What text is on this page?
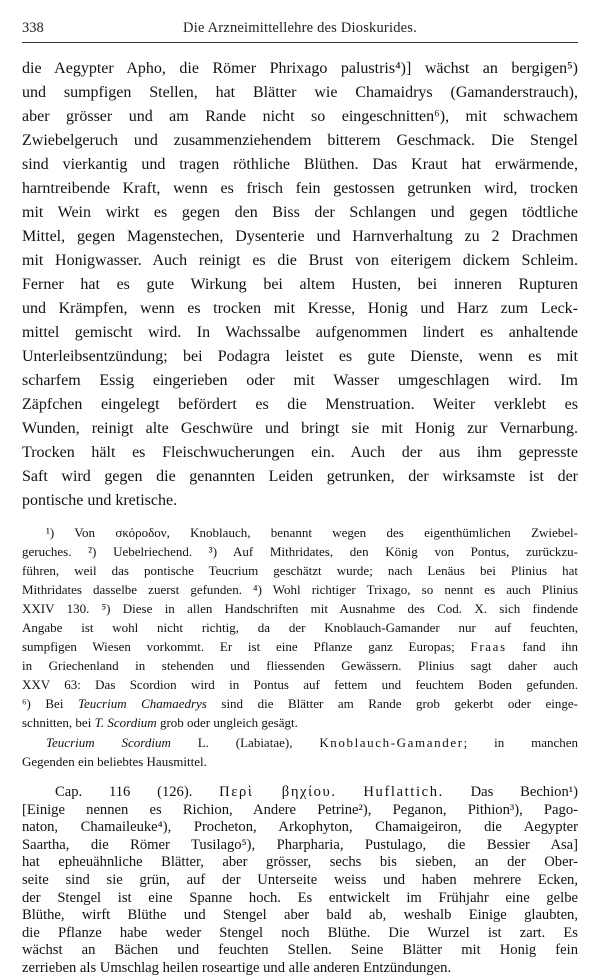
338	Die Arzneimittellehre des Dioskurides.

die Aegypter Apho, die Römer Phrixago palustris⁴)] wächst an bergigen⁵)

und sumpfigen Stellen, hat Blätter wie Chamaidrys (Gamanderstrauch),

aber grösser und am Rande nicht so eingeschnitten⁶), mit schwachem

Zwiebelgeruch und zusammenziehendem bitterem Geschmack. Die Stengel

sind vierkantig und tragen röthliche Blüthen. Das Kraut hat erwärmende,

harntreibende Kraft, wenn es frisch fein gestossen getrunken wird, trocken

mit Wein wirkt es gegen den Biss der Schlangen und gegen tödtliche

Mittel, gegen Magenstechen, Dysenterie und Harnverhaltung zu 2 Drachmen

mit Honigwasser. Auch reinigt es die Brust von eiterigem dickem Schleim.

Ferner hat es gute Wirkung bei altem Husten, bei inneren Rupturen

und Krämpfen, wenn es trocken mit Kresse, Honig und Harz zum Leck-

mittel gemischt wird. In Wachssalbe aufgenommen lindert es anhaltende

Unterleibsentzündung; bei Podagra leistet es gute Dienste, wenn es mit

scharfem Essig eingerieben oder mit Wasser umgeschlagen wird. Im

Zäpfchen eingelegt befördert es die Menstruation. Weiter verklebt es

Wunden, reinigt alte Geschwüre und bringt sie mit Honig zur Vernarbung.

Trocken hält es Fleischwucherungen ein. Auch der aus ihm gepresste

Saft wird gegen die genannten Leiden getrunken, der wirksamste ist der

pontische und kretische.

¹) Von σκόροδον, Knoblauch, benannt wegen des eigenthümlichen Zwiebel-

geruches. ²) Uebelriechend. ³) Auf Mithridates, den König von Pontus, zurückzu-

führen, weil das pontische Teucrium geschätzt wurde; nach Lenäus bei Plinius hat

Mithridates dasselbe zuerst gefunden. ⁴) Wohl richtiger Trixago, so nennt es auch Plinius

XXIV 130. ⁵) Diese in allen Handschriften mit Ausnahme des Cod. X. sich findende

Angabe ist wohl nicht richtig, da der Knoblauch-Gamander nur auf feuchten,

sumpfigen Wiesen vorkommt. Er ist eine Pflanze ganz Europas; Fraas fand ihn

in Griechenland in stehenden und fliessenden Gewässern. Plinius sagt daher auch

XXV 63: Das Scordion wird in Pontus auf fettem und feuchtem Boden gefunden.

⁶) Bei Teucrium Chamaedrys sind die Blätter am Rande grob gekerbt oder einge-

schnitten, bei T. Scordium grob oder ungleich gesägt.

Teucrium Scordium L. (Labiatae), Knoblauch-Gamander; in manchen

Gegenden ein beliebtes Hausmittel.

Cap. 116 (126). Περὶ βηχίου. Huflattich. Das Bechion¹)

[Einige nennen es Richion, Andere Petrine²), Peganon, Pithion³), Pago-

naton, Chamaileuke⁴), Procheton, Arkophyton, Chamaigeiron, die Aegypter

Saartha, die Römer Tusilago⁵), Pharpharia, Pustulago, die Bessier Asa]

hat epheuähnliche Blätter, aber grösser, sechs bis sieben, an der Ober-

seite sind sie grün, auf der Unterseite weiss und haben mehrere Ecken,

der Stengel ist eine Spanne hoch. Es entwickelt im Frühjahr eine gelbe

Blüthe, wirft Blüthe und Stengel aber bald ab, weshalb Einige glaubten,

die Pflanze habe weder Stengel noch Blüthe. Die Wurzel ist zart. Es

wächst an Bächen und feuchten Stellen. Seine Blätter mit Honig fein

zerrieben als Umschlag heilen roseartige und alle anderen Entzündungen.
